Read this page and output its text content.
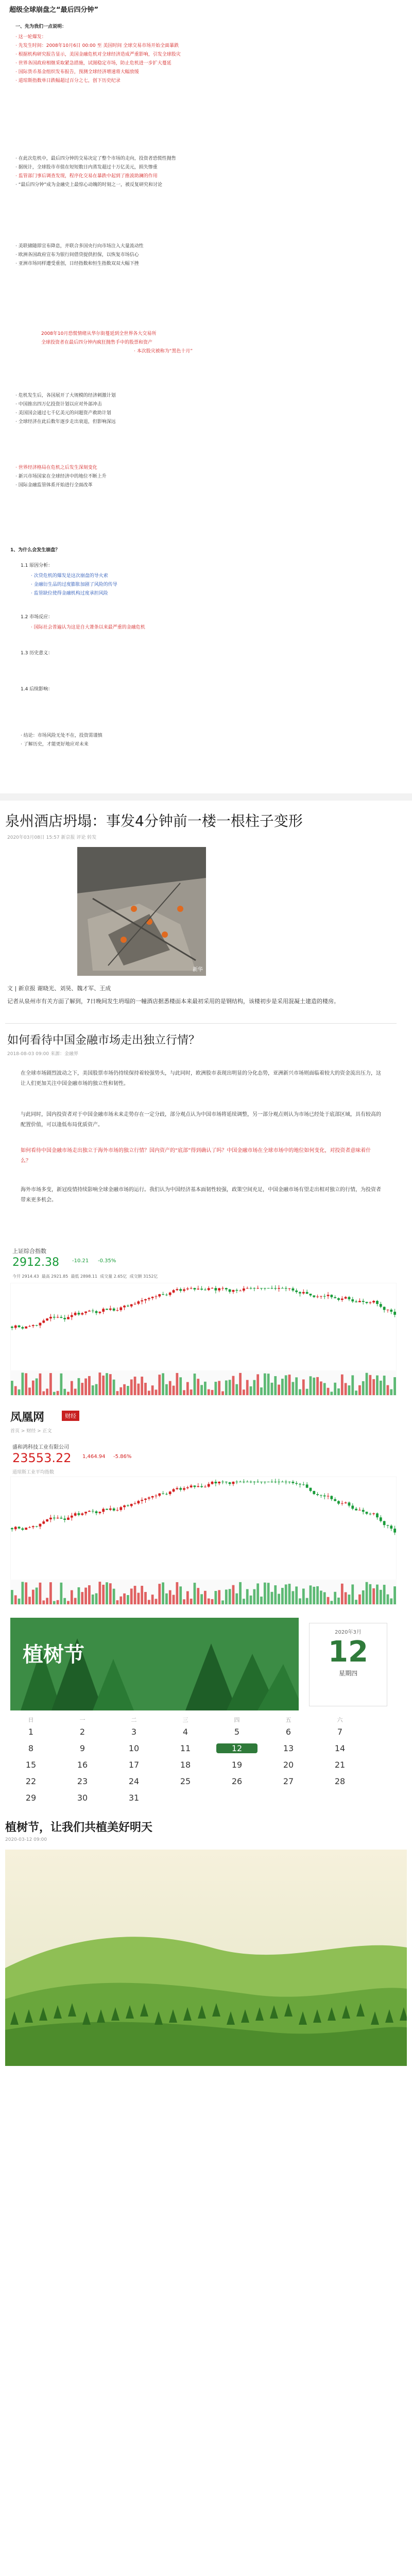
超级全球崩盘之“最后四分钟”
一、先为我们一点说明：
· 这一轮爆发：
· 先发生时间：2008年10月6日 00:00 至 美国时间 全球交易市场开始全面暴跌
· 根据机构研究报告显示，美国金融危机对全球经济造成严重影响，引发全球股灾
· 世界各国政府相继采取紧急措施，试图稳定市场，防止危机进一步扩大蔓延
· 国际货币基金组织发布报告，预测全球经济增速将大幅放缓
· 道琼斯指数单日跌幅超过百分之七，创下历史纪录
· 在此次危机中，最后四分钟的交易决定了整个市场的走向，投资者恐慌性抛售
· 据统计，全球股市市值在短短数日内蒸发超过十万亿美元，损失惨重
· 监管部门事后调查发现，程序化交易在暴跌中起到了推波助澜的作用
· “最后四分钟”成为金融史上最惊心动魄的时刻之一，被反复研究和讨论
· 美联储随即宣布降息，并联合多国央行向市场注入大量流动性
· 欧洲各国政府宣布为银行间借贷提供担保，以恢复市场信心
· 亚洲市场同样遭受重创，日经指数和恒生指数双双大幅下挫
2008年10月恐慌情绪从华尔街蔓延到全世界各大交易所
全球投资者在最后四分钟内疯狂抛售手中的股票和资产
· 本次股灾被称为“黑色十月”
· 危机发生后，各国展开了大规模的经济刺激计划
· 中国推出四万亿投资计划以应对外部冲击
· 美国国会通过七千亿美元的问题资产救助计划
· 全球经济在此后数年逐步走出衰退，但影响深远
· 世界经济格局在危机之后发生深刻变化
· 新兴市场国家在全球经济中的地位不断上升
· 国际金融监管体系开始进行全面改革
1、为什么会发生崩盘？
1.1 原因分析：
· 次贷危机的爆发是这次崩盘的导火索
· 金融衍生品的过度膨胀加剧了风险的传导
· 监管缺位使得金融机构过度承担风险
1.2 市场反应：
· 国际社会普遍认为这是自大萧条以来最严重的金融危机
1.3 历史意义：
1.4 后续影响：
· 结论：市场风险无处不在，投资需谨慎
· 了解历史，才能更好地应对未来
泉州酒店坍塌：事发4分钟前一楼一根柱子变形
2020年03月08日 15:57 新京报 评论 转发
新华
文 | 新京报 谢晓光、刘昊、魏才军、王成
记者从泉州市有关方面了解到，7日晚间发生坍塌的一幢酒店据悉楼面本来最初采用的是钢结构，该楼初步是采用混凝土建造的楼房。
如何看待中国金融市场走出独立行情？
2018-08-03 09:00 来源：金融界
在全球市场剧烈波动之下，美国股票市场仍持续保持着较强势头，与此同时，欧洲股市表现出明显的分化态势，亚洲新兴市场则面临着较大的资金流出压力，这让人们更加关注中国金融市场的独立性和韧性。
与此同时，国内投资者对于中国金融市场未来走势存在一定分歧，部分观点认为中国市场将延续调整，另一部分观点则认为市场已经处于底部区域，具有较高的配置价值，可以逢低布局优质资产。
如何看待中国金融市场走出独立于海外市场的独立行情？国内资产的“底部”得到确认了吗？中国金融市场在全球市场中的地位如何变化，对投资者意味着什么？
海外市场多变，新冠疫情持续影响全球金融市场的运行。我们认为中国经济基本面韧性较强，政策空间充足，中国金融市场有望走出相对独立的行情，为投资者带来更多机会。
上证综合指数
2912.38	-10.21 -0.35%
今开 2914.43 最高 2921.85 最低 2898.11 成交量 2.65亿 成交额 3152亿
凤凰网	财经
首页 > 财经 > 正文
盛和鸿科技工业有限公司
23553.22 1,464.94 -5.86%
道琼斯工业平均指数
植树节
2020年3月
12
星期四
日	一	二	三	四	五	六
1	2	3	4	5	6	7
8	9	10	11	12	13	14
15	16	17	18	19	20	21
22	23	24	25	26	27	28
29	30	31
植树节，让我们共植美好明天
2020-03-12 09:00
